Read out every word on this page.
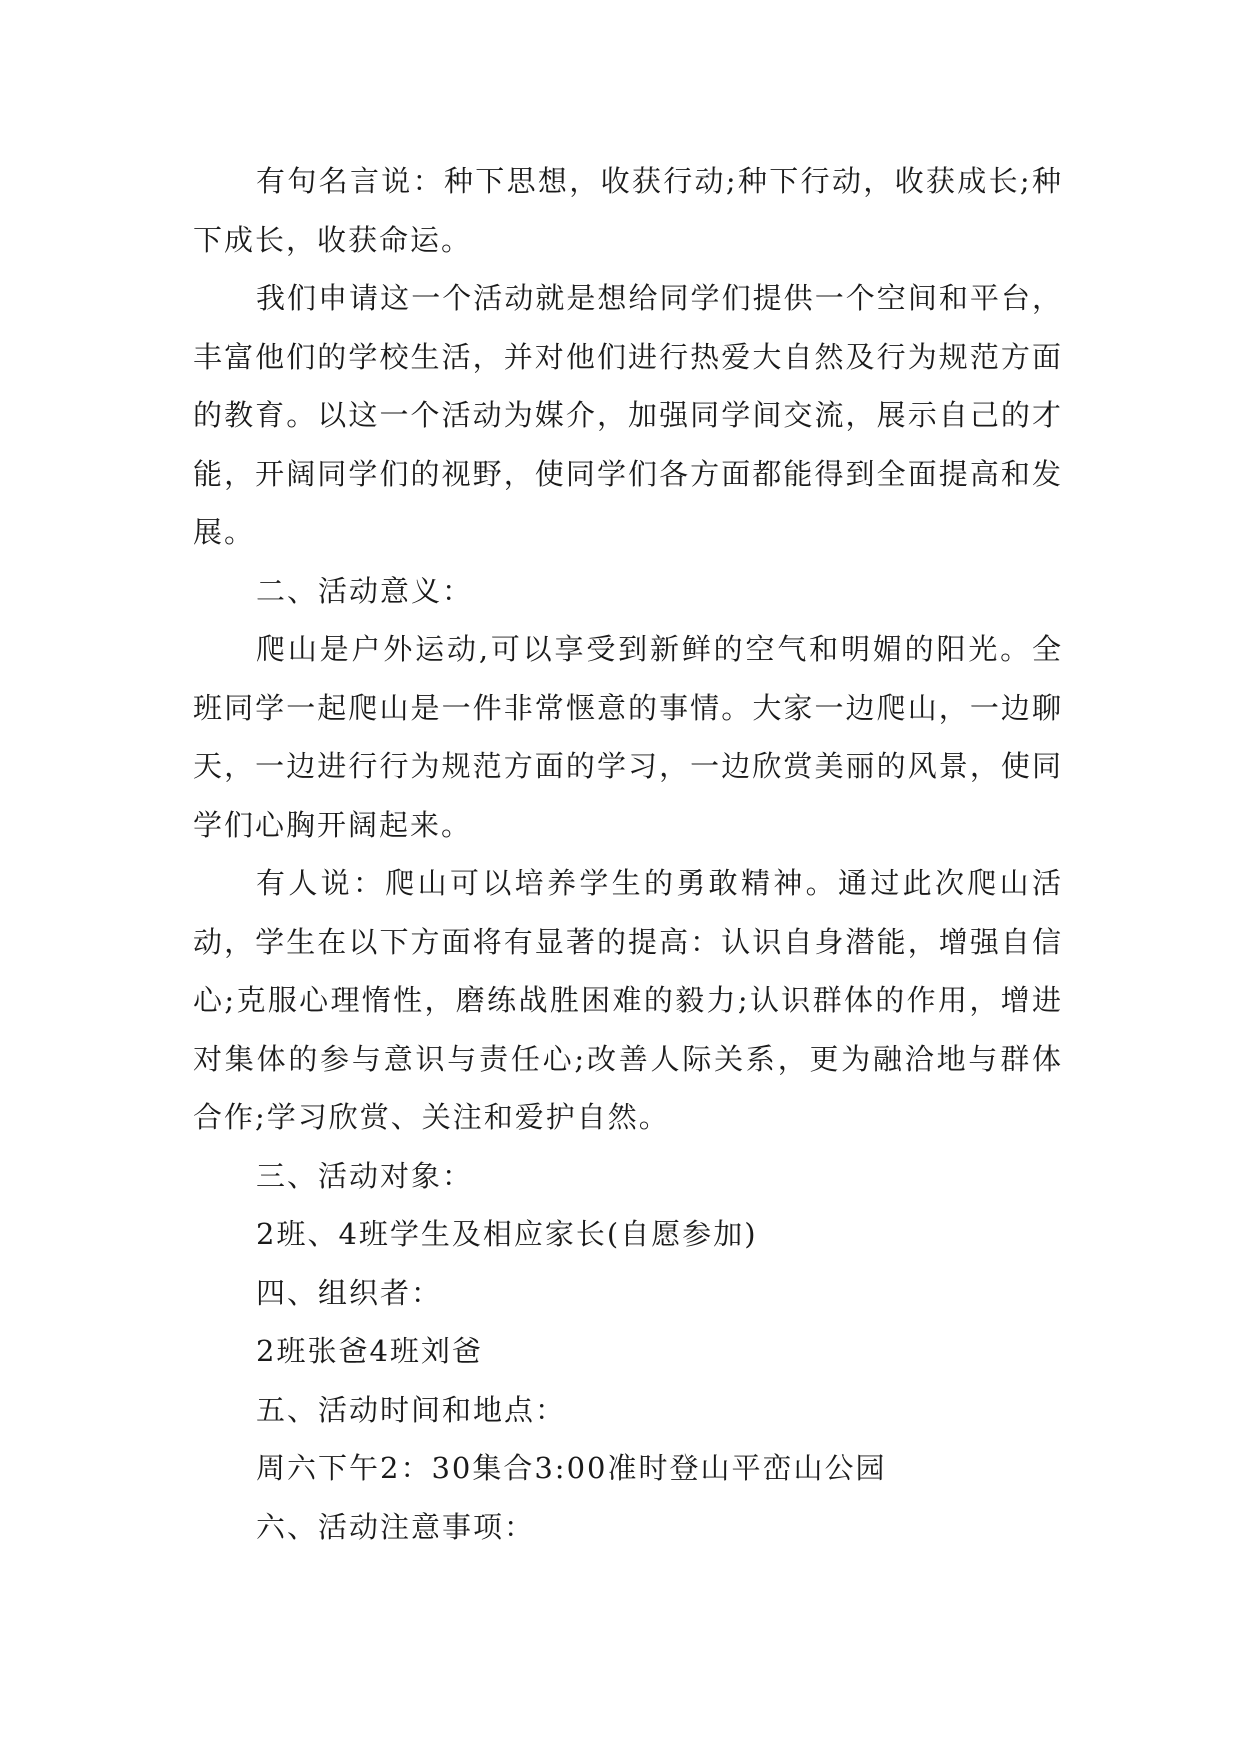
有句名言说：种下思想，收获行动;种下行动，收获成长;种下成长，收获命运。

我们申请这一个活动就是想给同学们提供一个空间和平台，丰富他们的学校生活，并对他们进行热爱大自然及行为规范方面的教育。以这一个活动为媒介，加强同学间交流，展示自己的才能，开阔同学们的视野，使同学们各方面都能得到全面提高和发展。

二、活动意义：

爬山是户外运动,可以享受到新鲜的空气和明媚的阳光。全班同学一起爬山是一件非常惬意的事情。大家一边爬山，一边聊天，一边进行行为规范方面的学习，一边欣赏美丽的风景，使同学们心胸开阔起来。

有人说：爬山可以培养学生的勇敢精神。通过此次爬山活动，学生在以下方面将有显著的提高：认识自身潜能，增强自信心;克服心理惰性，磨练战胜困难的毅力;认识群体的作用，增进对集体的参与意识与责任心;改善人际关系，更为融洽地与群体合作;学习欣赏、关注和爱护自然。

三、活动对象：

2班、4班学生及相应家长(自愿参加)

四、组织者：

2班张爸4班刘爸

五、活动时间和地点：

周六下午2：30集合3:00准时登山平峦山公园

六、活动注意事项：
